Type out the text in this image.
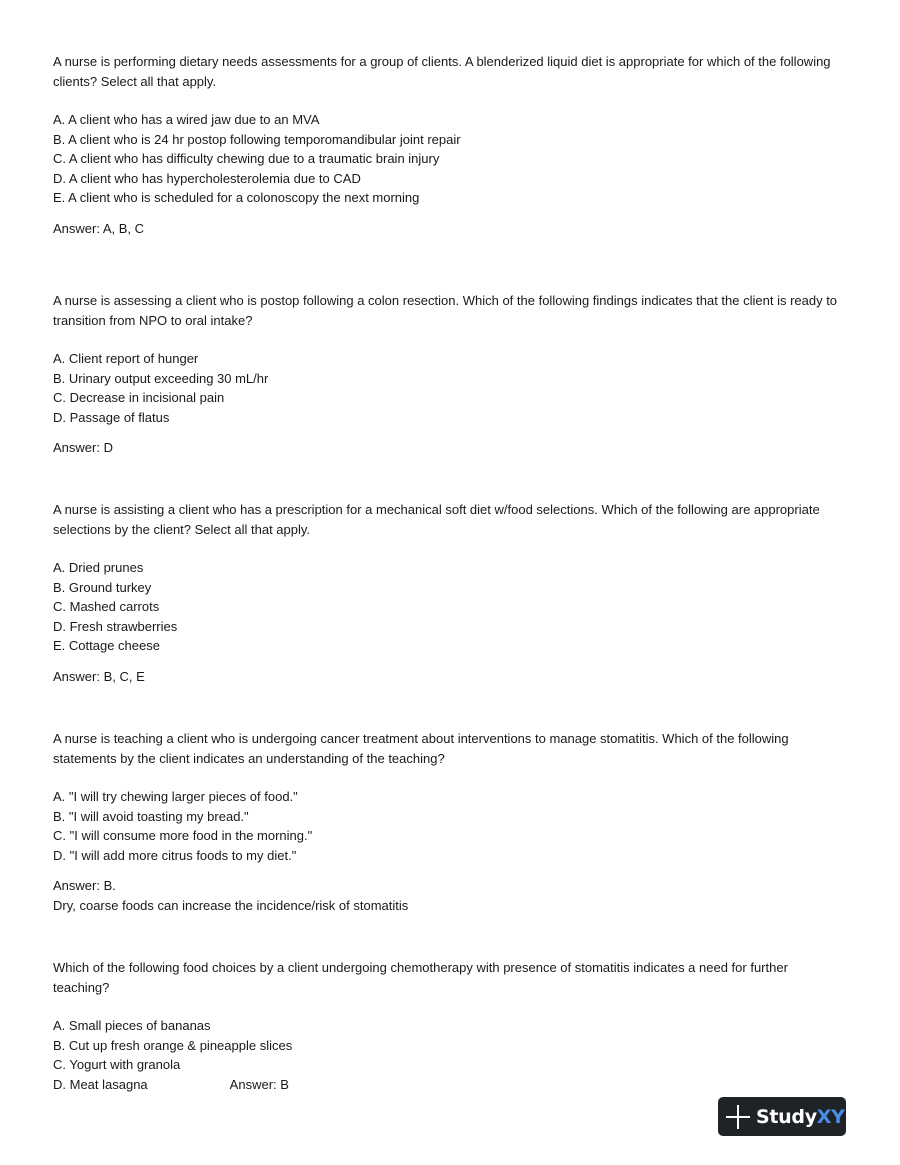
A nurse is performing dietary needs assessments for a group of clients. A blenderized liquid diet is appropriate for which of the following clients? Select all that apply.

A. A client who has a wired jaw due to an MVA
B. A client who is 24 hr postop following temporomandibular joint repair
C. A client who has difficulty chewing due to a traumatic brain injury
D. A client who has hypercholesterolemia due to CAD
E. A client who is scheduled for a colonoscopy the next morning

Answer: A, B, C

A nurse is assessing a client who is postop following a colon resection. Which of the following findings indicates that the client is ready to transition from NPO to oral intake?

A. Client report of hunger
B. Urinary output exceeding 30 mL/hr
C. Decrease in incisional pain
D. Passage of flatus

Answer: D

A nurse is assisting a client who has a prescription for a mechanical soft diet w/food selections. Which of the following are appropriate selections by the client? Select all that apply.

A. Dried prunes
B. Ground turkey
C. Mashed carrots
D. Fresh strawberries
E. Cottage cheese

Answer: B, C, E

A nurse is teaching a client who is undergoing cancer treatment about interventions to manage stomatitis. Which of the following statements by the client indicates an understanding of the teaching?

A. "I will try chewing larger pieces of food."
B. "I will avoid toasting my bread."
C. "I will consume more food in the morning."
D. "I will add more citrus foods to my diet."

Answer: B.

Dry, coarse foods can increase the incidence/risk of stomatitis

Which of the following food choices by a client undergoing chemotherapy with presence of stomatitis indicates a need for further teaching?

A. Small pieces of bananas
B. Cut up fresh orange & pineapple slices
C. Yogurt with granola
D. Meat lasagna	Answer: B
StudyXY
